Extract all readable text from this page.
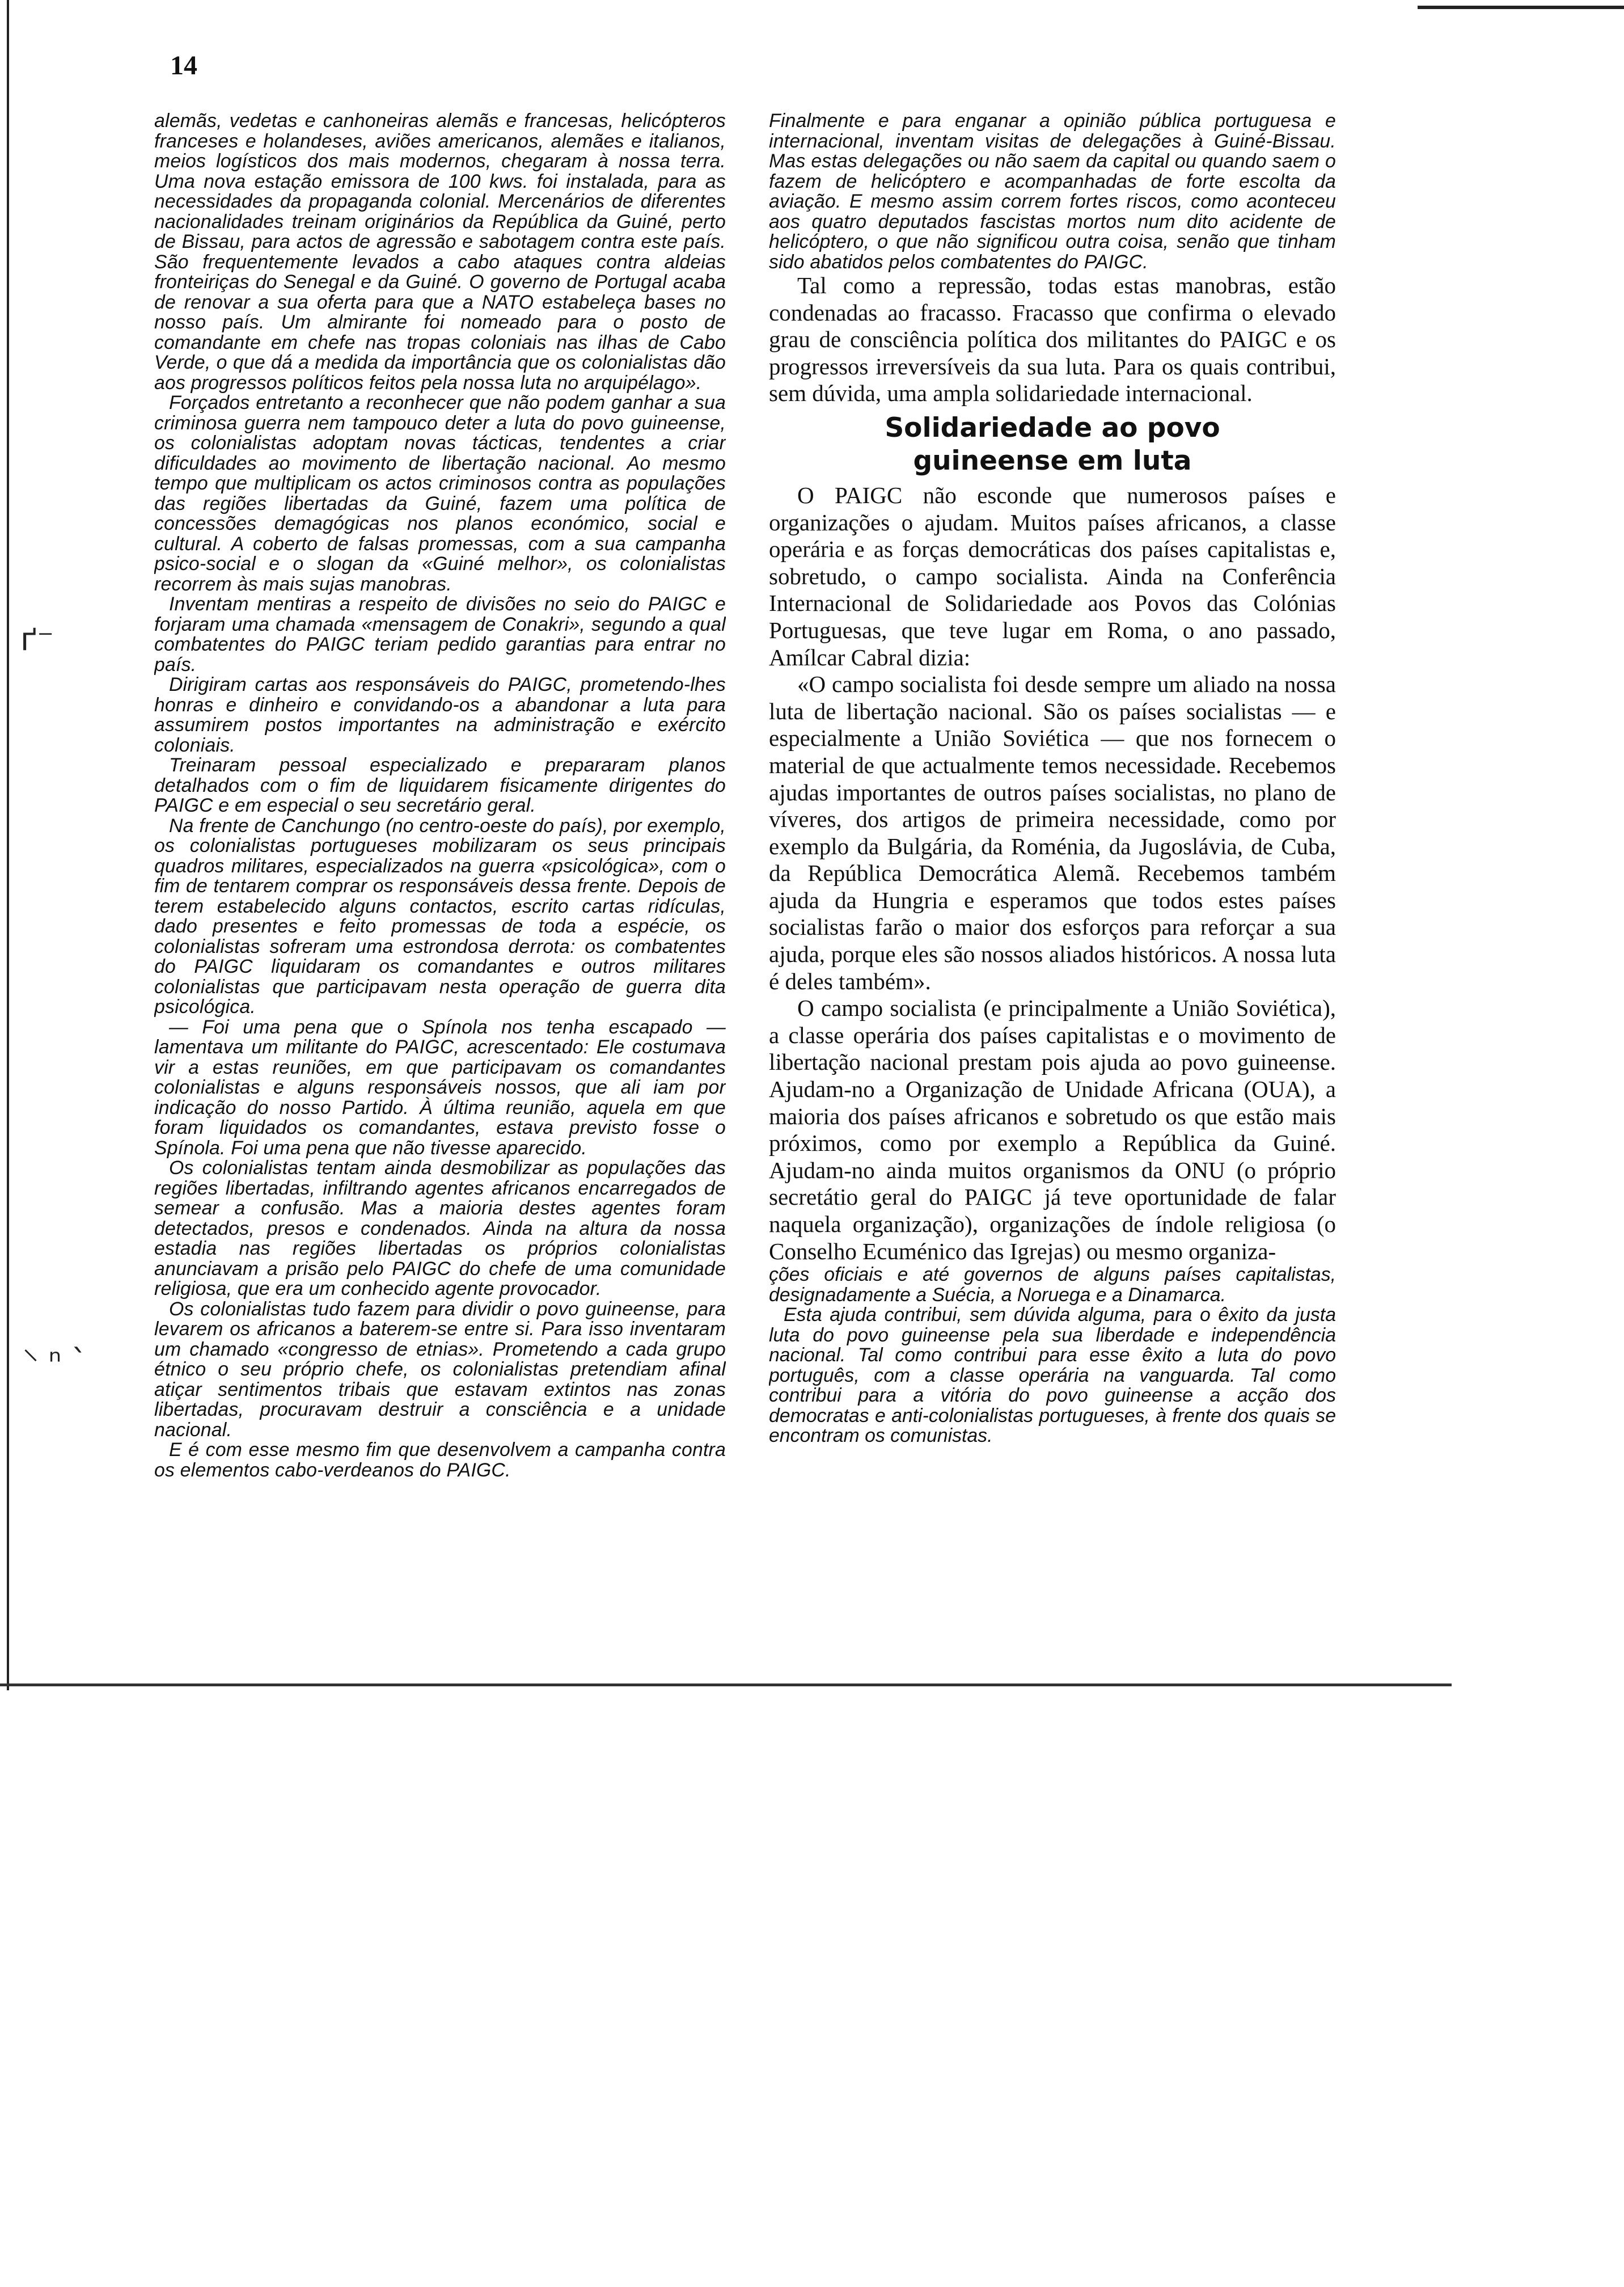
ґ⁻
⸌ ⁿ ˋ
14

alemãs, vedetas e canhoneiras alemãs e francesas, helicópteros franceses e holandeses, aviões americanos, alemães e italianos, meios logísticos dos mais modernos, chegaram à nossa terra. Uma nova estação emissora de 100 kws. foi instalada, para as necessidades da propaganda colonial. Mercenários de diferentes nacionalidades treinam originários da República da Guiné, perto de Bissau, para actos de agressão e sabotagem contra este país. São frequentemente levados a cabo ataques contra aldeias fronteiriças do Senegal e da Guiné. O governo de Portugal acaba de renovar a sua oferta para que a NATO estabeleça bases no nosso país. Um almirante foi nomeado para o posto de comandante em chefe nas tropas coloniais nas ilhas de Cabo Verde, o que dá a medida da importância que os colonialistas dão aos progressos políticos feitos pela nossa luta no arquipélago».

Forçados entretanto a reconhecer que não podem ganhar a sua criminosa guerra nem tampouco deter a luta do povo guineense, os colonialistas adoptam novas tácticas, tendentes a criar dificuldades ao movimento de libertação nacional. Ao mesmo tempo que multiplicam os actos criminosos contra as populações das regiões libertadas da Guiné, fazem uma política de concessões demagógicas nos planos económico, social e cultural. A coberto de falsas promessas, com a sua campanha psico-social e o slogan da «Guiné melhor», os colonialistas recorrem às mais sujas manobras.

Inventam mentiras a respeito de divisões no seio do PAIGC e forjaram uma chamada «mensagem de Conakri», segundo a qual combatentes do PAIGC teriam pedido garantias para entrar no país.

Dirigiram cartas aos responsáveis do PAIGC, prometendo-lhes honras e dinheiro e convidando-os a abandonar a luta para assumirem postos importantes na administração e exército coloniais.

Treinaram pessoal especializado e prepararam planos detalhados com o fim de liquidarem fisicamente dirigentes do PAIGC e em especial o seu secretário geral.

Na frente de Canchungo (no centro-oeste do país), por exemplo, os colonialistas portugueses mobilizaram os seus principais quadros militares, especializados na guerra «psicológica», com o fim de tentarem comprar os responsáveis dessa frente. Depois de terem estabelecido alguns contactos, escrito cartas ridículas, dado presentes e feito promessas de toda a espécie, os colonialistas sofreram uma estrondosa derrota: os combatentes do PAIGC liquidaram os comandantes e outros militares colonialistas que participavam nesta operação de guerra dita psicológica.

— Foi uma pena que o Spínola nos tenha escapado — lamentava um militante do PAIGC, acrescentado: Ele costumava vir a estas reuniões, em que participavam os comandantes colonialistas e alguns responsáveis nossos, que ali iam por indicação do nosso Partido. À última reunião, aquela em que foram liquidados os comandantes, estava previsto fosse o Spínola. Foi uma pena que não tivesse aparecido.

Os colonialistas tentam ainda desmobilizar as populações das regiões libertadas, infiltrando agentes africanos encarregados de semear a confusão. Mas a maioria destes agentes foram detectados, presos e condenados. Ainda na altura da nossa estadia nas regiões libertadas os próprios colonialistas anunciavam a prisão pelo PAIGC do chefe de uma comunidade religiosa, que era um conhecido agente provocador.

Os colonialistas tudo fazem para dividir o povo guineense, para levarem os africanos a baterem-se entre si. Para isso inventaram um chamado «congresso de etnias». Prometendo a cada grupo étnico o seu próprio chefe, os colonialistas pretendiam afinal atiçar sentimentos tribais que estavam extintos nas zonas libertadas, procuravam destruir a consciência e a unidade nacional.

E é com esse mesmo fim que desenvolvem a campanha contra os elementos cabo-verdeanos do PAIGC.

Finalmente e para enganar a opinião pública portuguesa e internacional, inventam visitas de delegações à Guiné-Bissau. Mas estas delegações ou não saem da capital ou quando saem o fazem de helicóptero e acompanhadas de forte escolta da aviação. E mesmo assim correm fortes riscos, como aconteceu aos quatro deputados fascistas mortos num dito acidente de helicóptero, o que não significou outra coisa, senão que tinham sido abatidos pelos combatentes do PAIGC.

Tal como a repressão, todas estas manobras, estão condenadas ao fracasso. Fracasso que confirma o elevado grau de consciência política dos militantes do PAIGC e os progressos irreversíveis da sua luta. Para os quais contribui, sem dúvida, uma ampla solidariedade internacional.

Solidariedade ao povo
guineense em luta

O PAIGC não esconde que numerosos países e organizações o ajudam. Muitos países africanos, a classe operária e as forças democráticas dos países capitalistas e, sobretudo, o campo socialista. Ainda na Conferência Internacional de Solidariedade aos Povos das Colónias Portuguesas, que teve lugar em Roma, o ano passado, Amílcar Cabral dizia:

«O campo socialista foi desde sempre um aliado na nossa luta de libertação nacional. São os países socialistas — e especialmente a União Soviética — que nos fornecem o material de que actualmente temos necessidade. Recebemos ajudas importantes de outros países socialistas, no plano de víveres, dos artigos de primeira necessidade, como por exemplo da Bulgária, da Roménia, da Jugoslávia, de Cuba, da República Democrática Alemã. Recebemos também ajuda da Hungria e esperamos que todos estes países socialistas farão o maior dos esforços para reforçar a sua ajuda, porque eles são nossos aliados históricos. A nossa luta é deles também».

O campo socialista (e principalmente a União Soviética), a classe operária dos países capitalistas e o movimento de libertação nacional prestam pois ajuda ao povo guineense. Ajudam-no a Organização de Unidade Africana (OUA), a maioria dos países africanos e sobretudo os que estão mais próximos, como por exemplo a República da Guiné. Ajudam-no ainda muitos organismos da ONU (o próprio secretátio geral do PAIGC já teve oportunidade de falar naquela organização), organizações de índole religiosa (o Conselho Ecuménico das Igrejas) ou mesmo organiza-

ções oficiais e até governos de alguns países capitalistas, designadamente a Suécia, a Noruega e a Dinamarca.

Esta ajuda contribui, sem dúvida alguma, para o êxito da justa luta do povo guineense pela sua liberdade e independência nacional. Tal como contribui para esse êxito a luta do povo português, com a classe operária na vanguarda. Tal como contribui para a vitória do povo guineense a acção dos democratas e anti-colonialistas portugueses, à frente dos quais se encontram os comunistas.
